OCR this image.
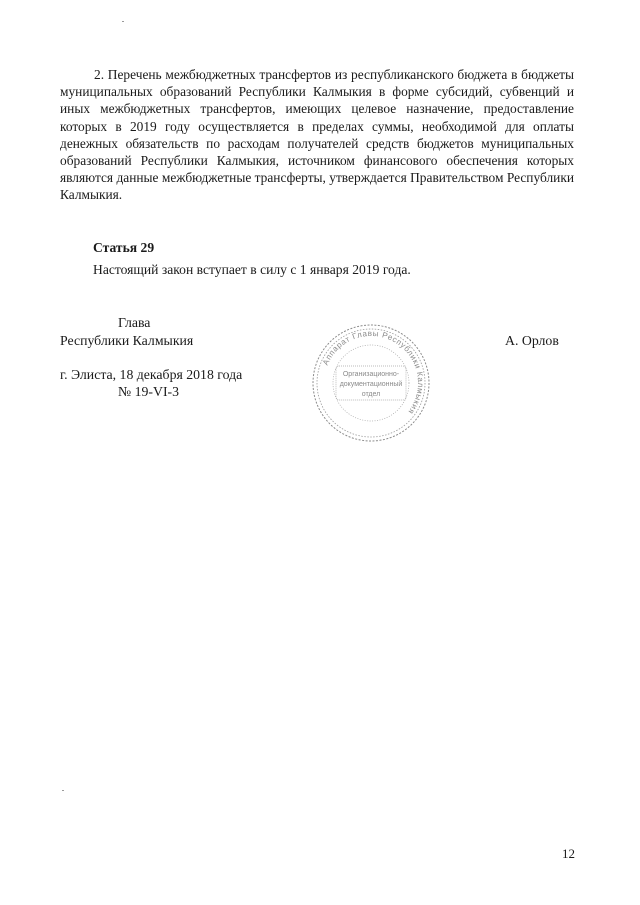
2. Перечень межбюджетных трансфертов из республиканского бюджета в бюджеты муниципальных образований Республики Калмыкия в форме субсидий, субвенций и иных межбюджетных трансфертов, имеющих целевое назначение, предоставление которых в 2019 году осуществляется в пределах суммы, необходимой для оплаты денежных обязательств по расходам получателей средств бюджетов муниципальных образований Республики Калмыкия, источником финансового обеспечения которых являются данные межбюджетные трансферты, утверждается Правительством Республики Калмыкия.

Статья 29

Настоящий закон вступает в силу с 1 января 2019 года.

Глава

Республики Калмыкия	А. Орлов

г. Элиста, 18 декабря 2018 года

№ 19-VI-3

Аппарат Главы Республики Калмыкия
Организационно-
документационный
отдел
12
